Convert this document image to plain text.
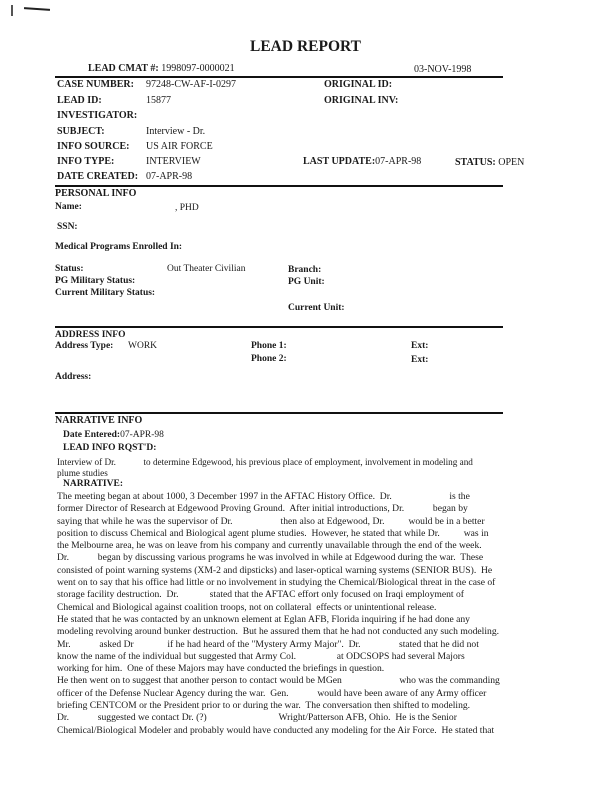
LEAD REPORT
LEAD CMAT #: 1998097-0000021	03-NOV-1998
CASE NUMBER: 97248-CW-AF-I-0297	ORIGINAL ID:
LEAD ID:	15877	ORIGINAL INV:
INVESTIGATOR:
SUBJECT:	Interview - Dr.
INFO SOURCE: US AIR FORCE
INFO TYPE:	INTERVIEW	LAST UPDATE:07-APR-98	STATUS: OPEN
DATE CREATED: 07-APR-98
PERSONAL INFO
Name:	, PHD
SSN:
Medical Programs Enrolled In:
Status:	Out Theater Civilian	Branch:
PG Military Status:	PG Unit:
Current Military Status:
Current Unit:
ADDRESS INFO
Address Type: WORK	Phone 1:	Ext:
Phone 2:	Ext:
Address:
NARRATIVE INFO
Date Entered:07-APR-98
LEAD INFO RQST'D:

Interview of Dr.            to determine Edgewood, his previous place of employment, involvement in modeling and

plume studies

NARRATIVE:

The meeting began at about 1000, 3 December 1997 in the AFTAC History Office.  Dr.                        is the

former Director of Research at Edgewood Proving Ground.  After initial introductions, Dr.            began by

saying that while he was the supervisor of Dr.                    then also at Edgewood, Dr.          would be in a better

position to discuss Chemical and Biological agent plume studies.  However, he stated that while Dr.          was in

the Melbourne area, he was on leave from his company and currently unavailable through the end of the week.

Dr.            began by discussing various programs he was involved in while at Edgewood during the war.  These

consisted of point warning systems (XM-2 and dipsticks) and laser-optical warning systems (SENIOR BUS).  He

went on to say that his office had little or no involvement in studying the Chemical/Biological threat in the case of

storage facility destruction.  Dr.             stated that the AFTAC effort only focused on Iraqi employment of

Chemical and Biological against coalition troops, not on collateral  effects or unintentional release.

He stated that he was contacted by an unknown element at Eglan AFB, Florida inquiring if he had done any

modeling revolving around bunker destruction.  But he assured them that he had not conducted any such modeling.

Mr.            asked Dr              if he had heard of the "Mystery Army Major".  Dr.                stated that he did not

know the name of the individual but suggested that Army Col.                 at ODCSOPS had several Majors

working for him.  One of these Majors may have conducted the briefings in question.

He then went on to suggest that another person to contact would be MGen                        who was the commanding

officer of the Defense Nuclear Agency during the war.  Gen.            would have been aware of any Army officer

briefing CENTCOM or the President prior to or during the war.  The conversation then shifted to modeling.

Dr.            suggested we contact Dr. (?)                              Wright/Patterson AFB, Ohio.  He is the Senior

Chemical/Biological Modeler and probably would have conducted any modeling for the Air Force.  He stated that
